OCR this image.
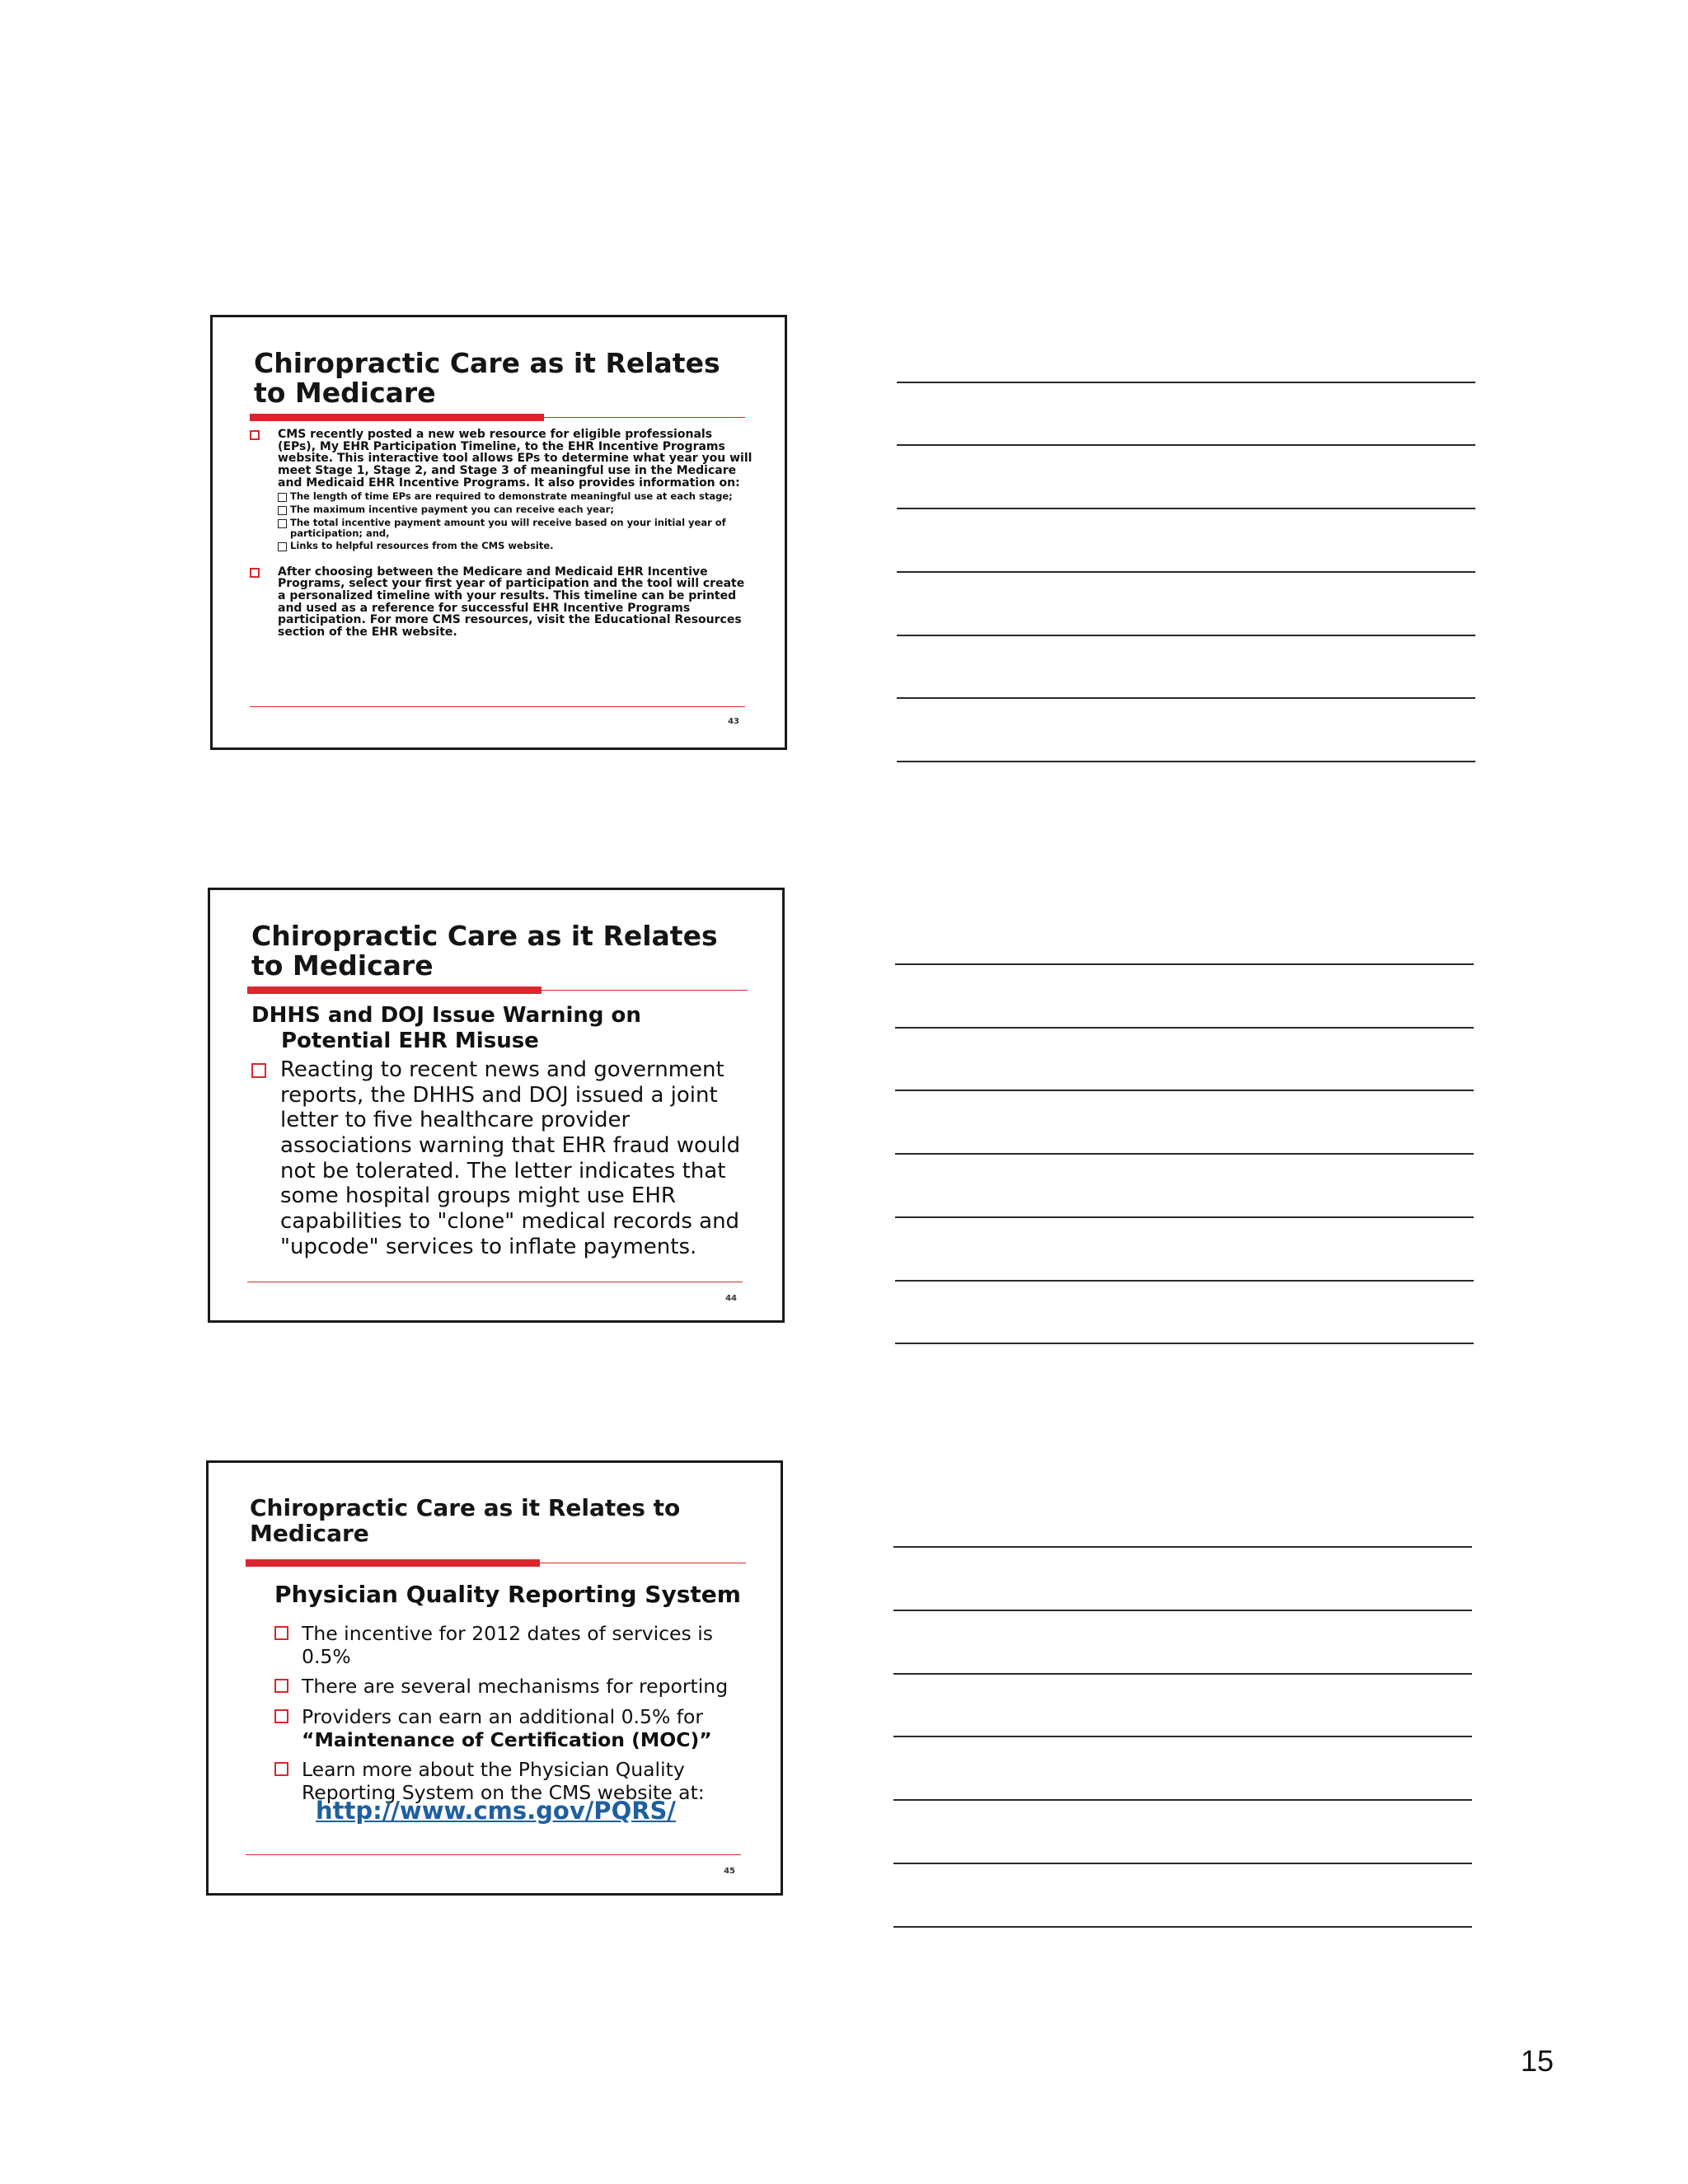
Chiropractic Care as it Relates to Medicare
CMS recently posted a new web resource for eligible professionals (EPs), My EHR Participation Timeline, to the EHR Incentive Programs website. This interactive tool allows EPs to determine what year you will meet Stage 1, Stage 2, and Stage 3 of meaningful use in the Medicare and Medicaid EHR Incentive Programs. It also provides information on:
The length of time EPs are required to demonstrate meaningful use at each stage;
The maximum incentive payment you can receive each year;
The total incentive payment amount you will receive based on your initial year of participation; and,
Links to helpful resources from the CMS website.
After choosing between the Medicare and Medicaid EHR Incentive Programs, select your first year of participation and the tool will create a personalized timeline with your results. This timeline can be printed and used as a reference for successful EHR Incentive Programs participation. For more CMS resources, visit the Educational Resources section of the EHR website.
43
Chiropractic Care as it Relates to Medicare
DHHS and DOJ Issue Warning on
Potential EHR Misuse
Reacting to recent news and government reports, the DHHS and DOJ issued a joint letter to five healthcare provider associations warning that EHR fraud would not be tolerated. The letter indicates that some hospital groups might use EHR capabilities to "clone" medical records and "upcode" services to inflate payments.
44
Chiropractic Care as it Relates to Medicare
Physician Quality Reporting System
The incentive for 2012 dates of services is 0.5%
There are several mechanisms for reporting
Providers can earn an additional 0.5% for
“Maintenance of Certification (MOC)”
Learn more about the Physician Quality Reporting System on the CMS website at:
http://www.cms.gov/PQRS/
45
15
